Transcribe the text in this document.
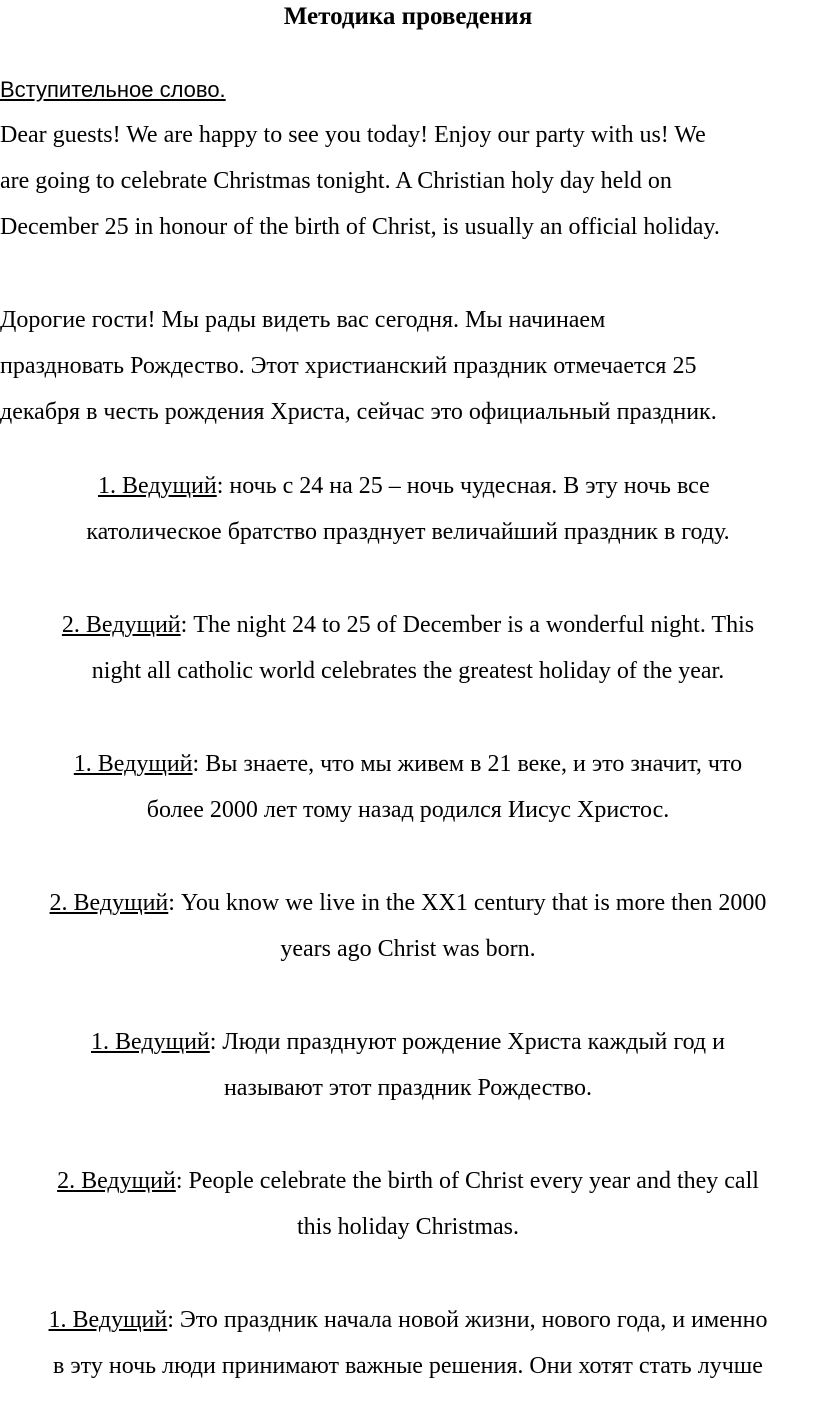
Методика проведения
Вступительное слово.
Dear guests! We are happy to see you today! Enjoy our party with us! We
are going to celebrate Christmas tonight. A Christian holy day held on
December 25 in honour of the birth of Christ, is usually an official holiday.
Дорогие гости! Мы рады видеть вас сегодня. Мы начинаем
праздновать Рождество. Этот христианский праздник отмечается 25
декабря в честь рождения Христа, сейчас это официальный праздник.
1. Ведущий: ночь с 24 на 25 – ночь чудесная. В эту ночь все
католическое братство празднует величайший праздник в году.
2. Ведущий: The night 24 to 25 of December is a wonderful night. This
night all catholic world celebrates the greatest holiday of the year.
1. Ведущий: Вы знаете, что мы живем в 21 веке, и это значит, что
более 2000 лет тому назад родился Иисус Христос.
2. Ведущий: You know we live in the XX1 century that is more then 2000
years ago Christ was born.
1. Ведущий: Люди празднуют рождение Христа каждый год и
называют этот праздник Рождество.
2. Ведущий: People celebrate the birth of Christ every year and they call
this holiday Christmas.
1. Ведущий: Это праздник начала новой жизни, нового года, и именно
в эту ночь люди принимают важные решения. Они хотят стать лучше
